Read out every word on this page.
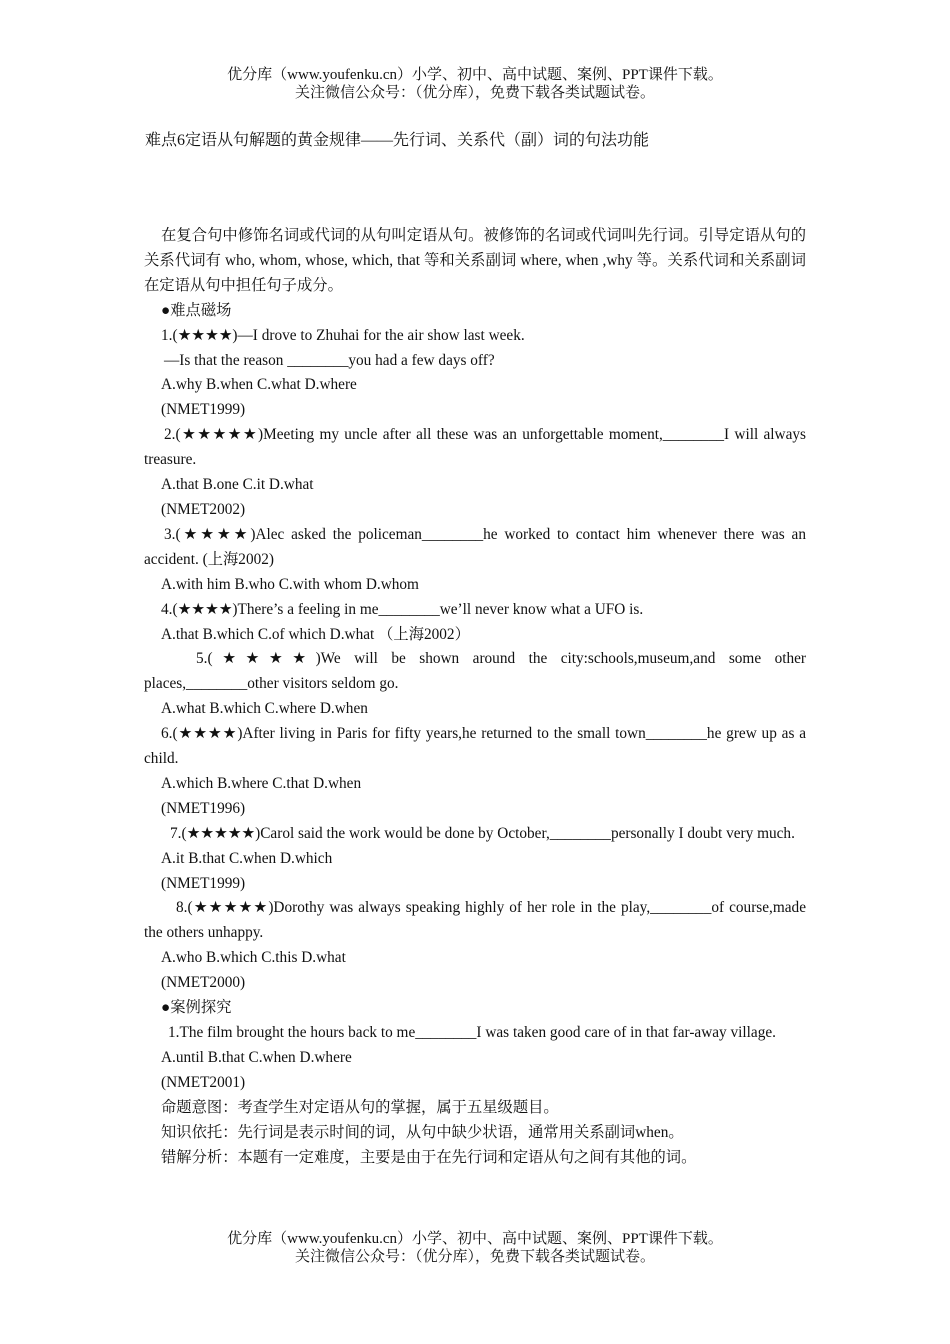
优分库（www.youfenku.cn）小学、初中、高中试题、案例、PPT课件下载。
关注微信公众号：（优分库），免费下载各类试题试卷。
难点6定语从句解题的黄金规律——先行词、关系代（副）词的句法功能
在复合句中修饰名词或代词的从句叫定语从句。被修饰的名词或代词叫先行词。引导定语从句的关系代词有 who, whom, whose, which, that 等和关系副词 where, when ,why 等。关系代词和关系副词在定语从句中担任句子成分。
●难点磁场
1.(★★★★)—I drove to Zhuhai for the air show last week.
—Is that the reason ________you had a few days off?
A.why B.when C.what D.where
(NMET1999)
2.(★★★★★)Meeting my uncle after all these was an unforgettable moment,________I will always treasure.
A.that B.one C.it D.what
(NMET2002)
3.(★★★★)Alec asked the policeman________he worked to contact him whenever there was an accident. (上海2002)
A.with him B.who C.with whom D.whom
4.(★★★★)There’s a feeling in me________we’ll never know what a UFO is.
A.that B.which C.of which D.what （上海2002）
5.(★★★★)We will be shown around the city:schools,museum,and some other places,________other visitors seldom go.
A.what B.which C.where D.when
6.(★★★★)After living in Paris for fifty years,he returned to the small town________he grew up as a child.
A.which B.where C.that D.when
(NMET1996)
7.(★★★★★)Carol said the work would be done by October,________personally I doubt very much.
A.it B.that C.when D.which
(NMET1999)
8.(★★★★★)Dorothy was always speaking highly of her role in the play,________of course,made the others unhappy.
A.who B.which C.this D.what
(NMET2000)
●案例探究
1.The film brought the hours back to me________I was taken good care of in that far-away village.
A.until B.that C.when D.where
(NMET2001)
命题意图：考查学生对定语从句的掌握，属于五星级题目。
知识依托：先行词是表示时间的词，从句中缺少状语，通常用关系副词when。
错解分析：本题有一定难度，主要是由于在先行词和定语从句之间有其他的词。
优分库（www.youfenku.cn）小学、初中、高中试题、案例、PPT课件下载。
关注微信公众号：（优分库），免费下载各类试题试卷。
